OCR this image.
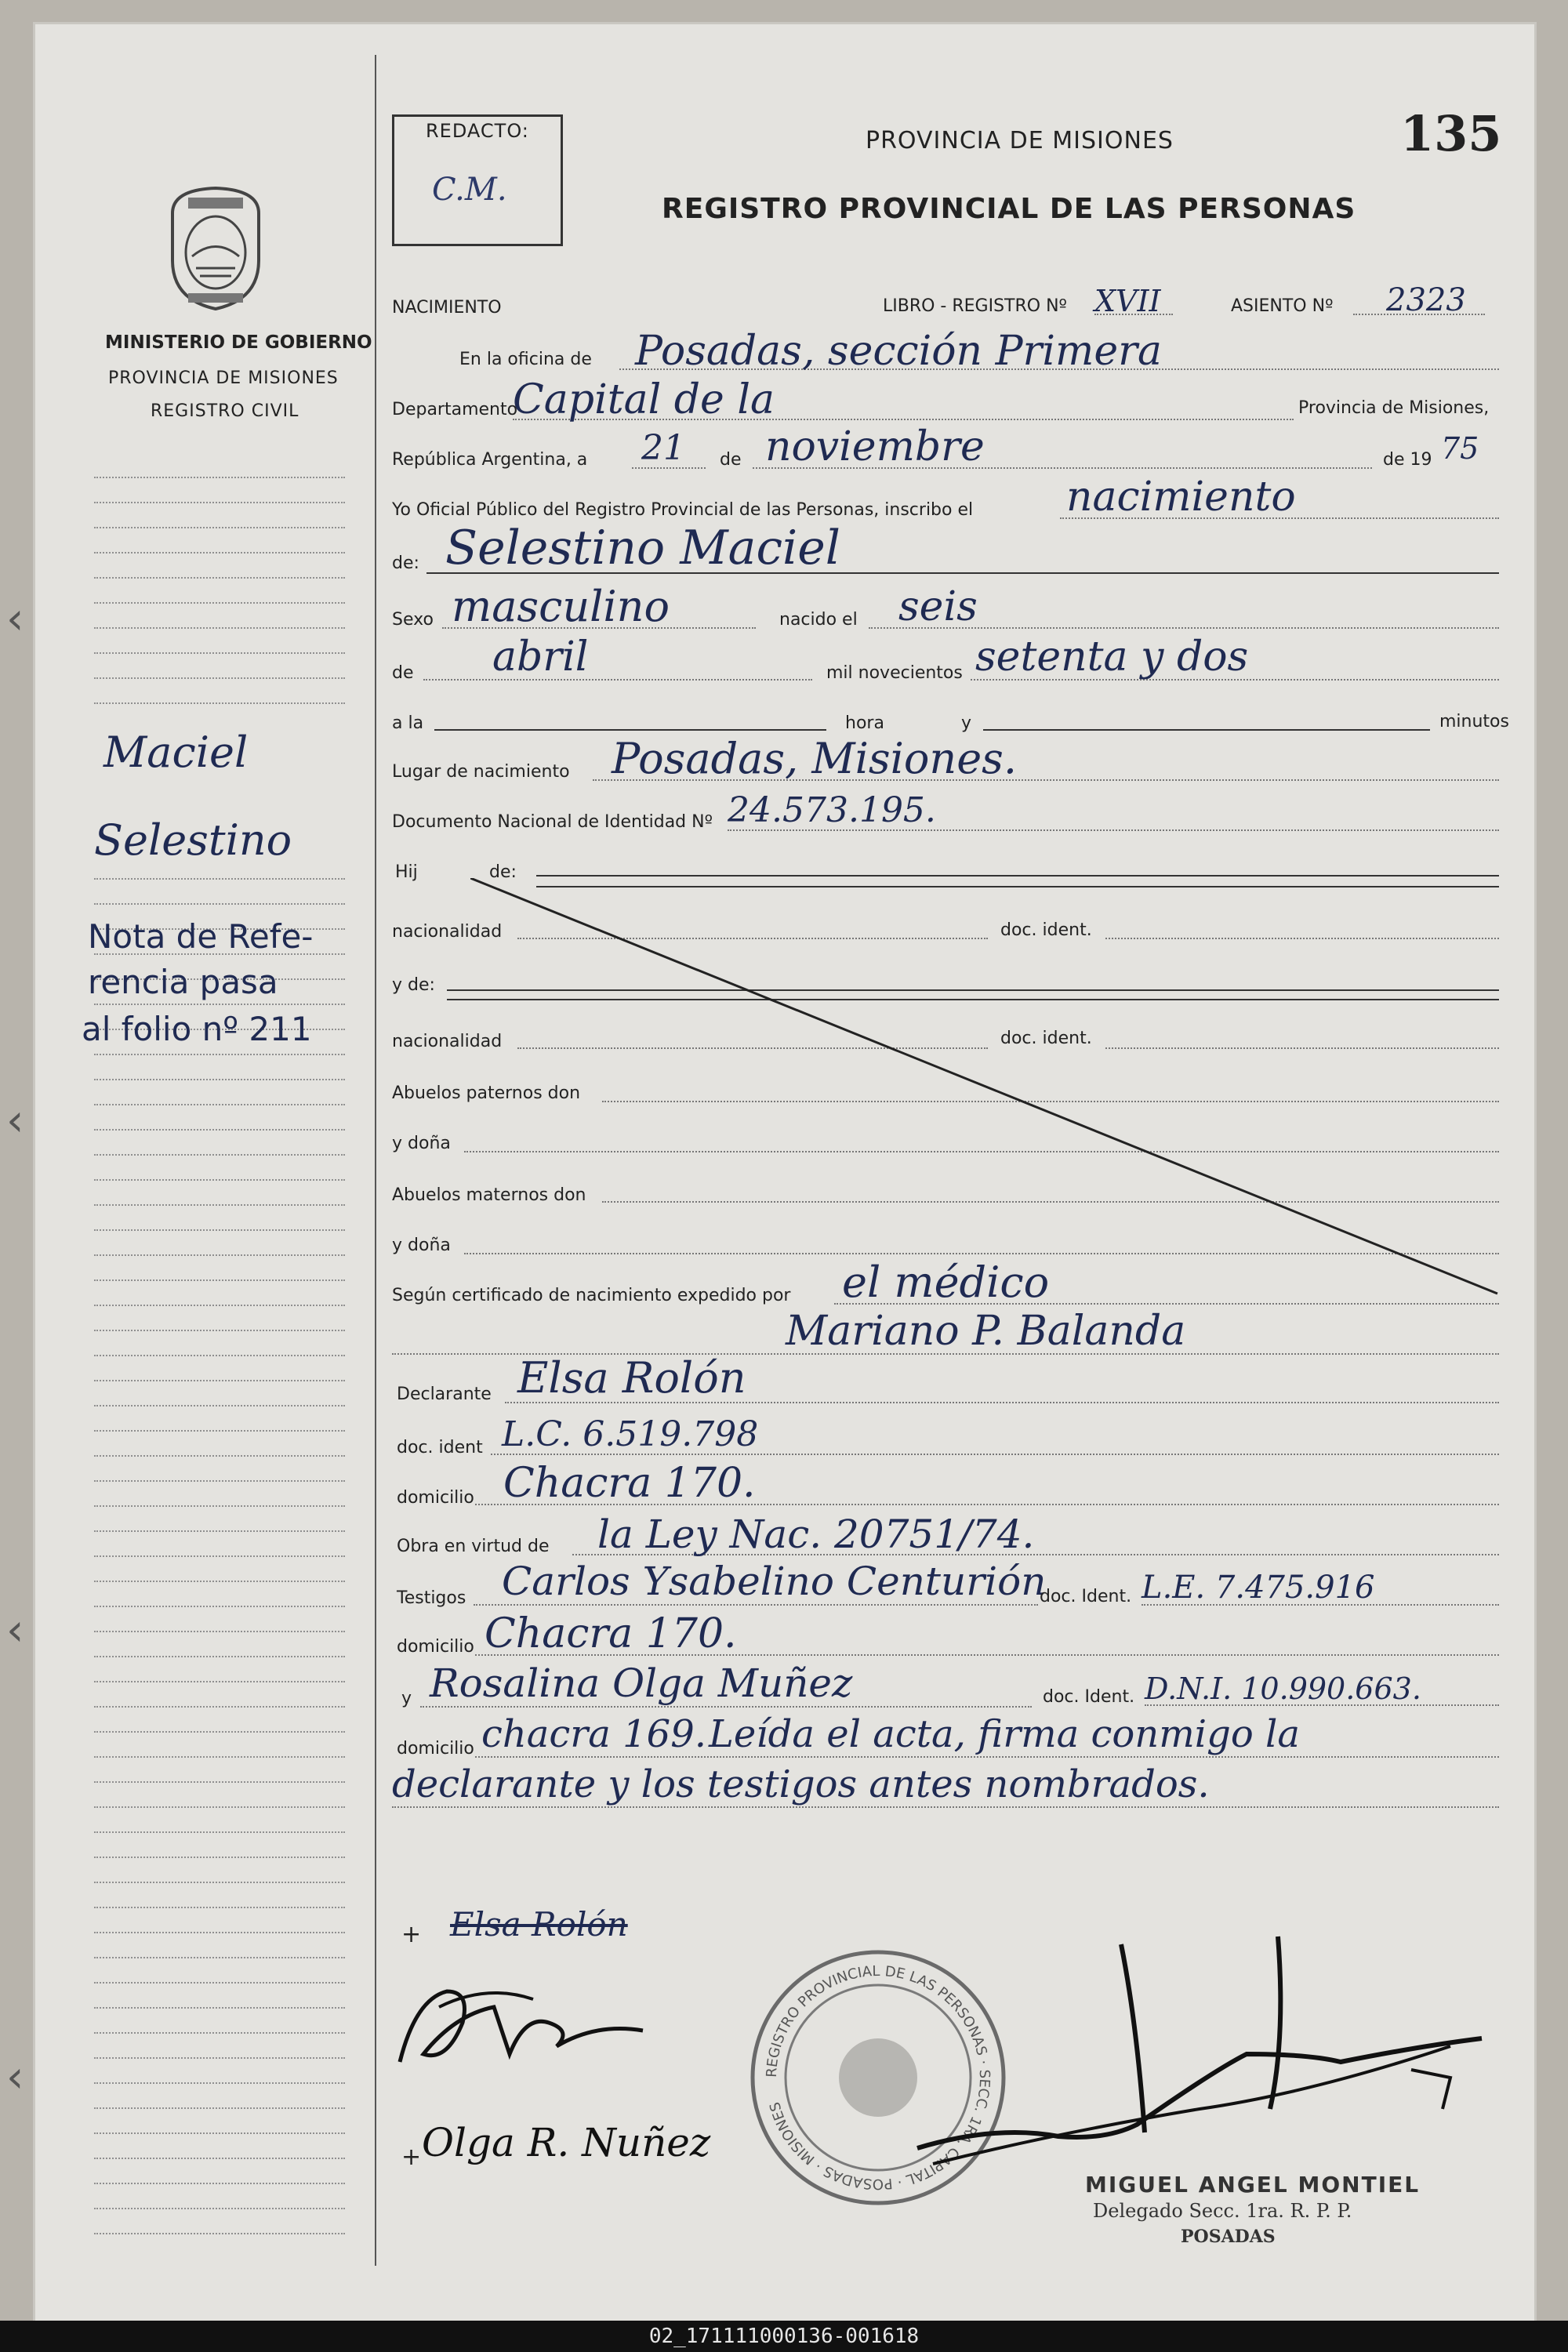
‹
‹
‹
‹
MINISTERIO DE GOBIERNO
PROVINCIA DE MISIONES
REGISTRO CIVIL
Maciel
Selestino
Nota de Refe-
rencia pasa
al folio nº 211
REDACTO:
C.M.
PROVINCIA DE MISIONES	135
REGISTRO PROVINCIAL DE LAS PERSONAS
NACIMIENTO	LIBRO - REGISTRO Nº XVII	ASIENTO Nº 2323
En la oficina de Posadas, sección Primera
Departamento
Capital de la	Provincia de Misiones,
República Argentina, a 21 de noviembre	de 19 75
Yo Oficial Público del Registro Provincial de las Personas, inscribo el nacimiento
de: Selestino Maciel
Sexo masculino	nacido el seis
de abril	mil novecientos setenta y dos
a la	hora	y	minutos
Lugar de nacimiento Posadas, Misiones.
Documento Nacional de Identidad Nº 24.573.195.
Hij	de:
nacionalidad	doc. ident.
y de:
nacionalidad	doc. ident.
Abuelos paternos don
y doña
Abuelos maternos don
y doña
Según certificado de nacimiento expedido por el médico
Mariano P. Balanda
Declarante Elsa Rolón
doc. ident L.C. 6.519.798
domicilio Chacra 170.
Obra en virtud de la Ley Nac. 20751/74.
Testigos Carlos Ysabelino Centurión
doc. Ident. L.E. 7.475.916
domicilio Chacra 170.
y Rosalina Olga Muñez	doc. Ident. D.N.I. 10.990.663.
domicilio chacra 169. Leída el acta, firma conmigo la
declarante y los testigos antes nombrados.
+ Elsa Rolón
+ Olga R. Nuñez
REGISTRO PROVINCIAL DE LAS PERSONAS · SECC. 1RA. CAPITAL · POSADAS · MISIONES
MIGUEL ANGEL MONTIEL
Delegado Secc. 1ra. R. P. P.
POSADAS
02_171111000136-001618
